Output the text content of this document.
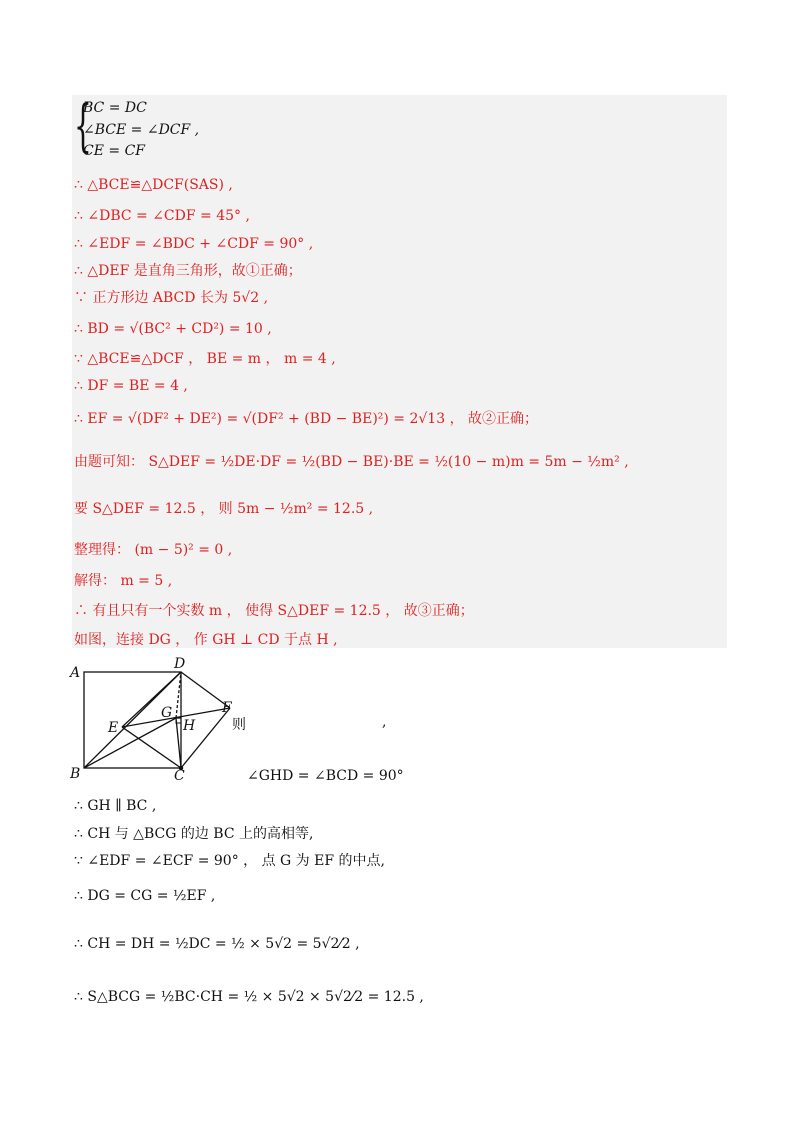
{
BC = DC
∠BCE = ∠DCF ,
CE = CF
∴ △BCE≌△DCF(SAS) ,
∴ ∠DBC = ∠CDF = 45° ,
∴ ∠EDF = ∠BDC + ∠CDF = 90° ,
∴ △DEF 是直角三角形，故①正确；
∵ 正方形边 ABCD 长为 5√2 ,
∴ BD = √(BC² + CD²) = 10 ,
∵ △BCE≌△DCF ， BE = m ， m = 4 ,
∴ DF = BE = 4 ,
∴ EF = √(DF² + DE²) = √(DF² + (BD − BE)²) = 2√13 ， 故②正确；
由题可知： S△DEF = ½DE·DF = ½(BD − BE)·BE = ½(10 − m)m = 5m − ½m² ,
要 S△DEF = 12.5 ， 则 5m − ½m² = 12.5 ,
整理得： (m − 5)² = 0 ,
解得： m = 5 ,
∴ 有且只有一个实数 m ， 使得 S△DEF = 12.5 ， 故③正确；
如图，连接 DG ， 作 GH ⊥ CD 于点 H ,
A
D
B	C
E
F
G
H	则	,
∠GHD = ∠BCD = 90°
∴ GH ∥ BC ,
∴ CH 与 △BCG 的边 BC 上的高相等,
∵ ∠EDF = ∠ECF = 90° ， 点 G 为 EF 的中点,
∴ DG = CG = ½EF ,
∴ CH = DH = ½DC = ½ × 5√2 = 5√2⁄2 ,
∴ S△BCG = ½BC·CH = ½ × 5√2 × 5√2⁄2 = 12.5 ,
